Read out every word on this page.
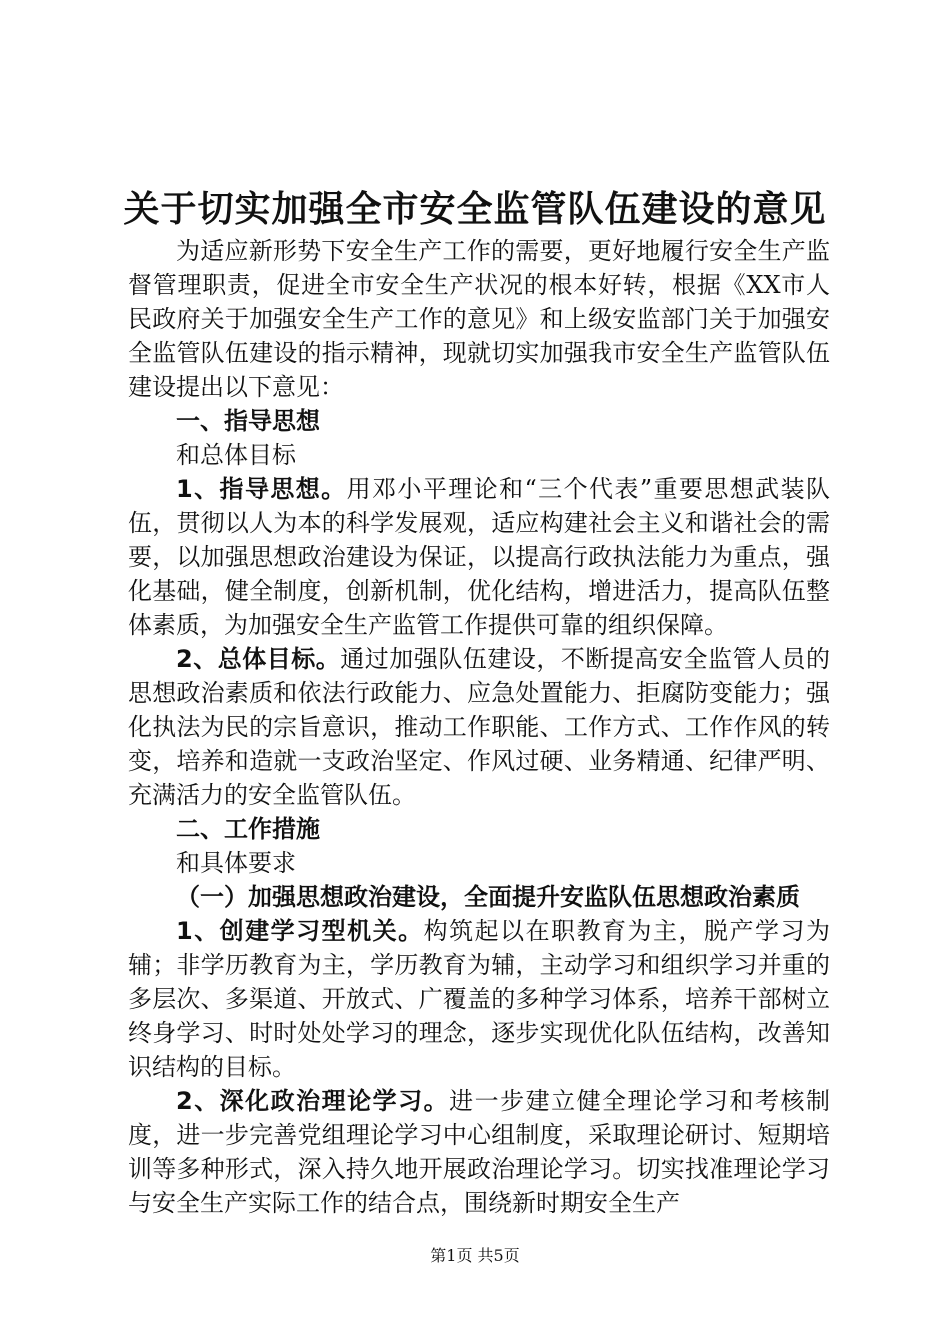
关于切实加强全市安全监管队伍建设的意见

为适应新形势下安全生产工作的需要，更好地履行安全生产监督管理职责，促进全市安全生产状况的根本好转，根据《XX市人民政府关于加强安全生产工作的意见》和上级安监部门关于加强安全监管队伍建设的指示精神，现就切实加强我市安全生产监管队伍建设提出以下意见：

一、指导思想

和总体目标

1、指导思想。用邓小平理论和“三个代表”重要思想武装队伍，贯彻以人为本的科学发展观，适应构建社会主义和谐社会的需要，以加强思想政治建设为保证，以提高行政执法能力为重点，强化基础，健全制度，创新机制，优化结构，增进活力，提高队伍整体素质，为加强安全生产监管工作提供可靠的组织保障。

2、总体目标。通过加强队伍建设，不断提高安全监管人员的思想政治素质和依法行政能力、应急处置能力、拒腐防变能力；强化执法为民的宗旨意识，推动工作职能、工作方式、工作作风的转变，培养和造就一支政治坚定、作风过硬、业务精通、纪律严明、充满活力的安全监管队伍。

二、工作措施

和具体要求

（一）加强思想政治建设，全面提升安监队伍思想政治素质

1、创建学习型机关。构筑起以在职教育为主，脱产学习为辅；非学历教育为主，学历教育为辅，主动学习和组织学习并重的多层次、多渠道、开放式、广覆盖的多种学习体系，培养干部树立终身学习、时时处处学习的理念，逐步实现优化队伍结构，改善知识结构的目标。

2、深化政治理论学习。进一步建立健全理论学习和考核制度，进一步完善党组理论学习中心组制度，采取理论研讨、短期培训等多种形式，深入持久地开展政治理论学习。切实找准理论学习与安全生产实际工作的结合点，围绕新时期安全生产

第1页 共5页
